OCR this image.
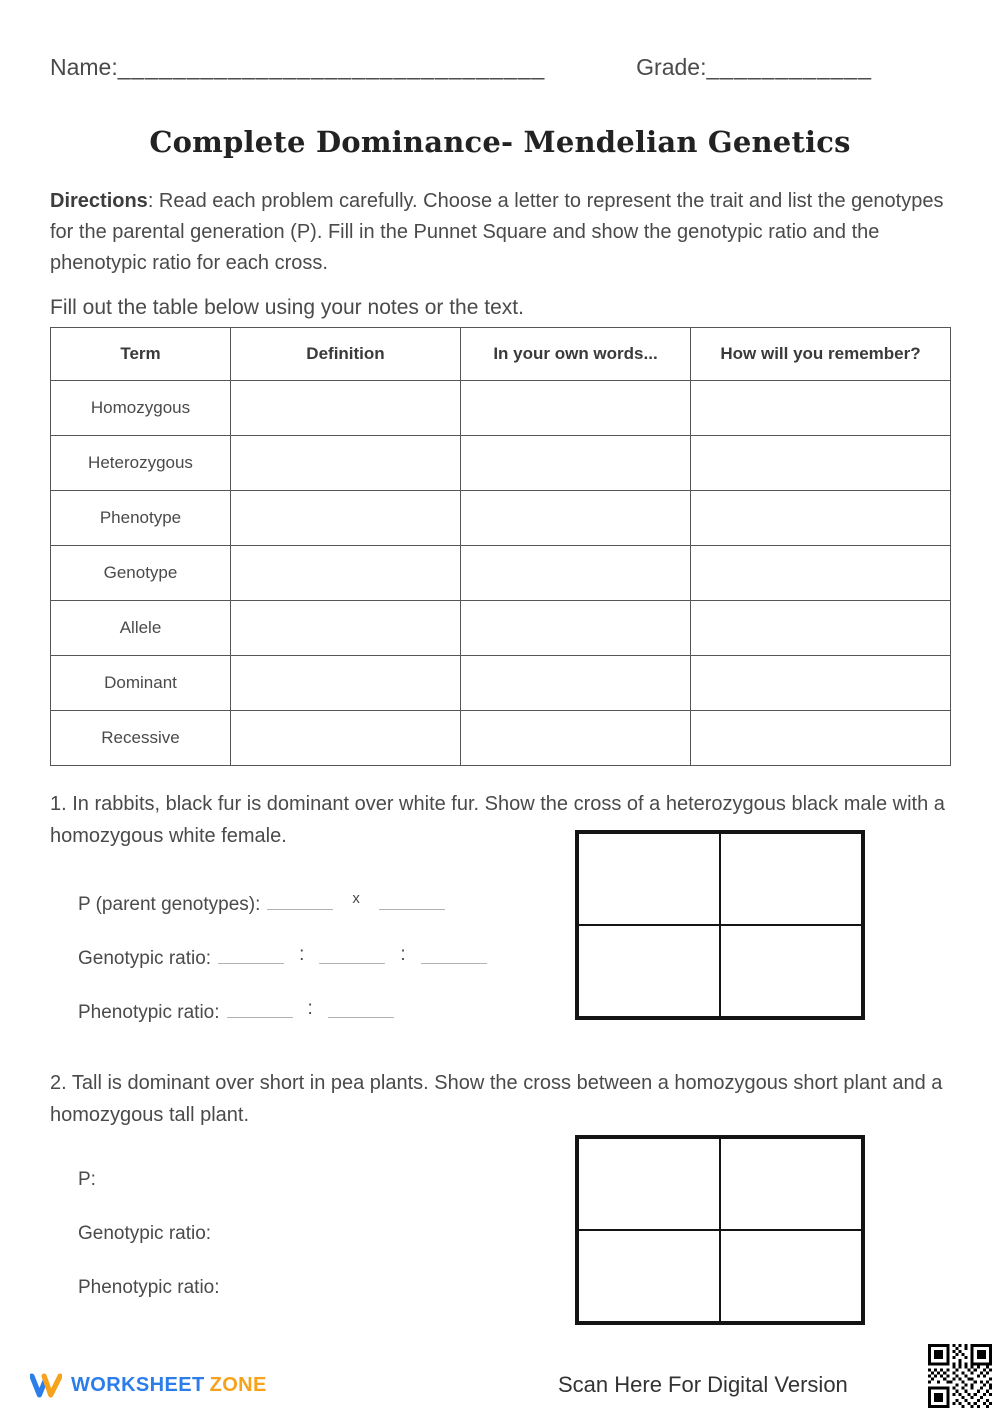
Name:_______________________________	Grade:____________
Complete Dominance- Mendelian Genetics

Directions: Read each problem carefully. Choose a letter to represent the trait and list the genotypes for the parental generation (P). Fill in the Punnet Square and show the genotypic ratio and the phenotypic ratio for each cross.

Fill out the table below using your notes or the text.

Term	Definition	In your own words...	How will you remember?
Homozygous			
Heterozygous			
Phenotype			
Genotype			
Allele			
Dominant			
Recessive			

1. In rabbits, black fur is dominant over white fur. Show the cross of a heterozygous black male with a homozygous white female.

P (parent genotypes):	x
Genotypic ratio:	:	:
Phenotypic ratio:	:

2. Tall is dominant over short in pea plants. Show the cross between a homozygous short plant and a homozygous tall plant.

P:
Genotypic ratio:
Phenotypic ratio:
WORKSHEET ZONE	Scan Here For Digital Version
